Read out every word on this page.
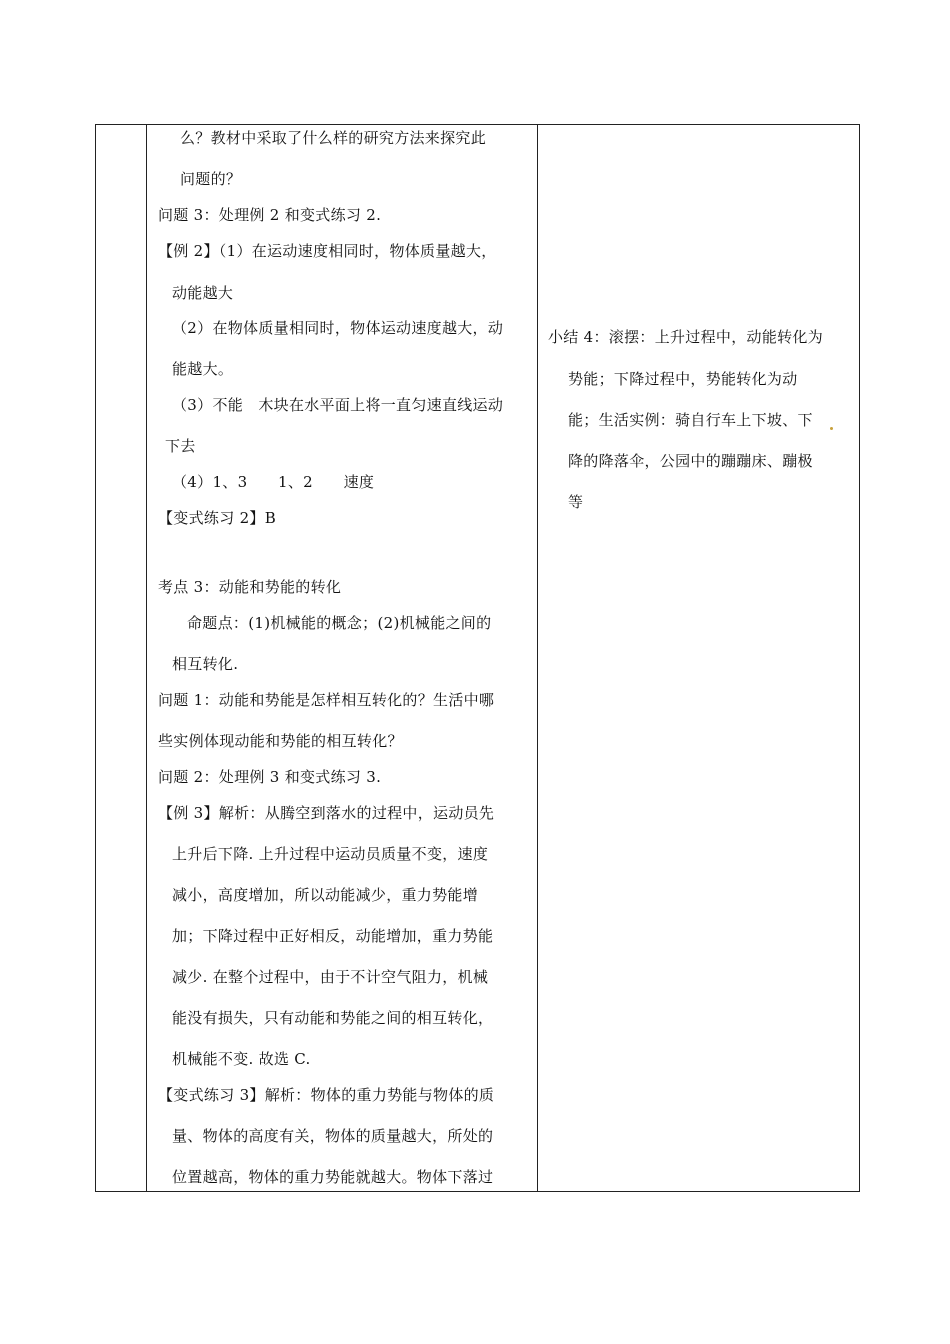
么？教材中采取了什么样的研究方法来探究此
问题的？
问题 3：处理例 2 和变式练习 2.
【例 2】（1）在运动速度相同时，物体质量越大，
动能越大
（2）在物体质量相同时，物体运动速度越大，动
能越大。
（3）不能　木块在水平面上将一直匀速直线运动
下去
（4）1、3　　1、2　　速度
【变式练习 2】B
考点 3：动能和势能的转化
命题点：(1)机械能的概念；(2)机械能之间的
相互转化.
问题 1：动能和势能是怎样相互转化的？生活中哪
些实例体现动能和势能的相互转化？
问题 2：处理例 3 和变式练习 3.
【例 3】解析：从腾空到落水的过程中，运动员先
上升后下降. 上升过程中运动员质量不变，速度
减小，高度增加，所以动能减少，重力势能增
加；下降过程中正好相反，动能增加，重力势能
减少. 在整个过程中，由于不计空气阻力，机械
能没有损失，只有动能和势能之间的相互转化，
机械能不变. 故选 C.
【变式练习 3】解析：物体的重力势能与物体的质
量、物体的高度有关，物体的质量越大，所处的
位置越高，物体的重力势能就越大。物体下落过
小结 4：滚摆：上升过程中，动能转化为
势能；下降过程中，势能转化为动
能；生活实例：骑自行车上下坡、下
降的降落伞，公园中的蹦蹦床、蹦极
等
